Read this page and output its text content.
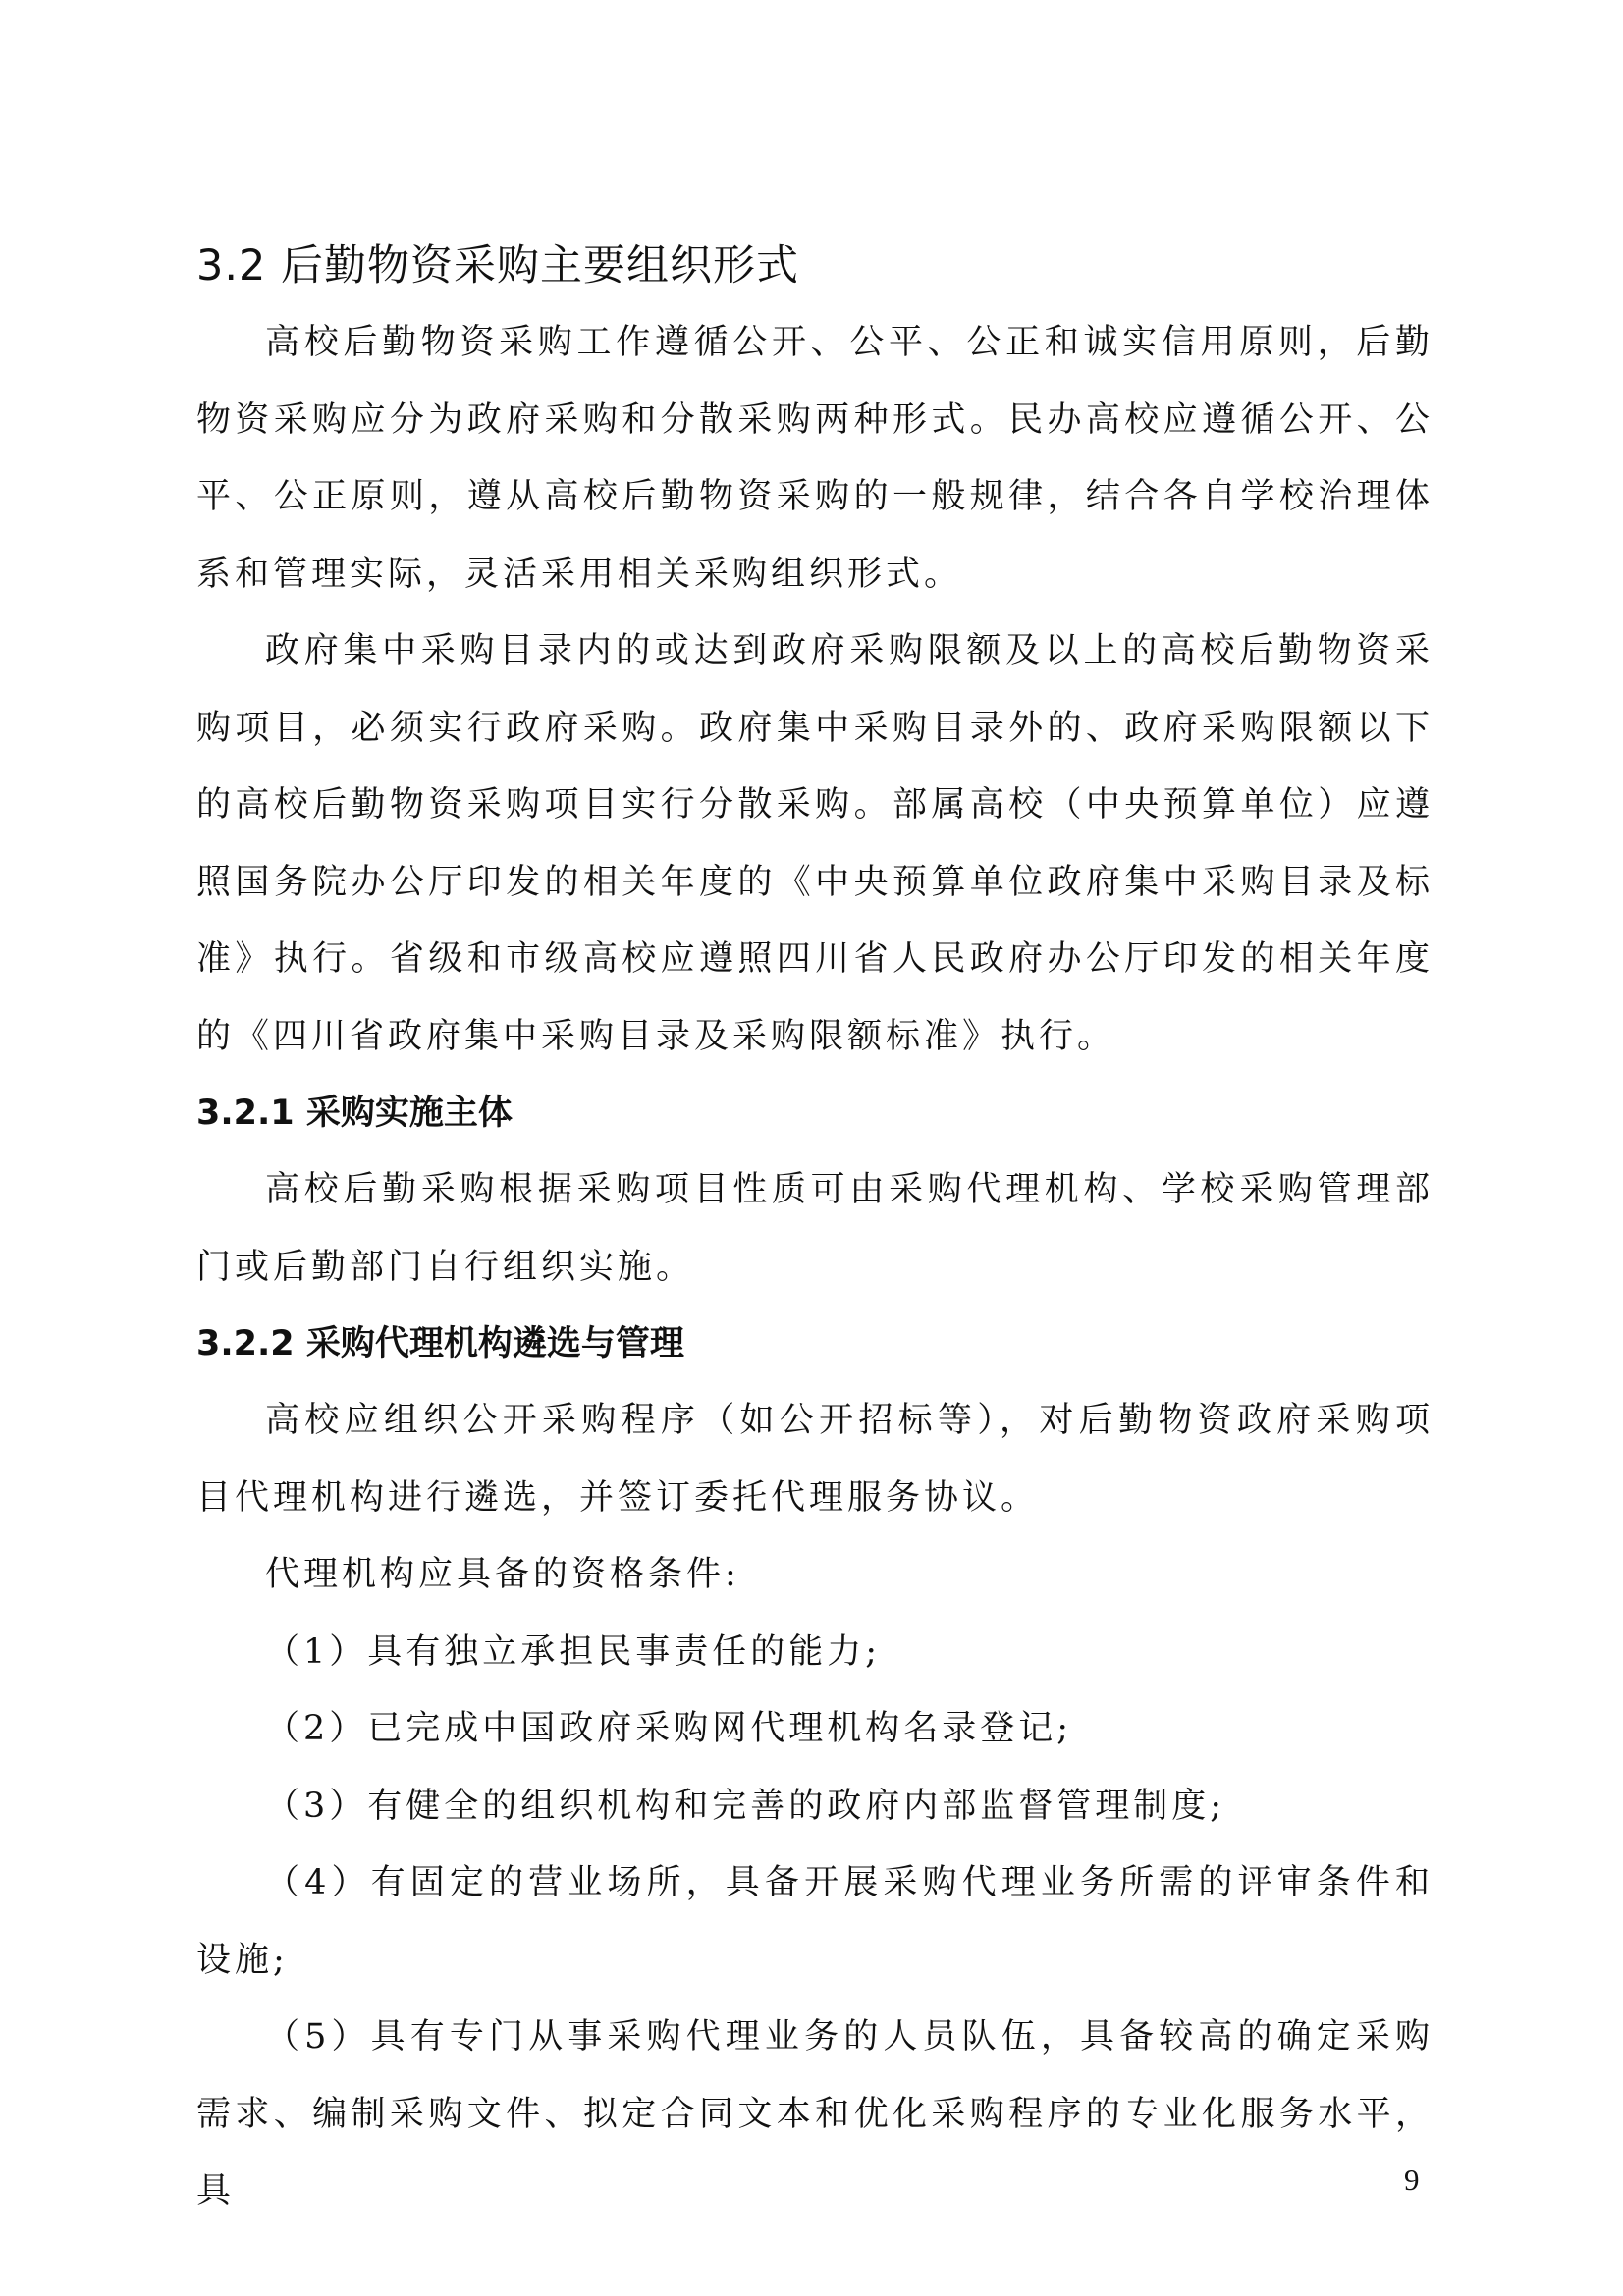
3.2 后勤物资采购主要组织形式

高校后勤物资采购工作遵循公开、公平、公正和诚实信用原则，后勤物资采购应分为政府采购和分散采购两种形式。民办高校应遵循公开、公平、公正原则，遵从高校后勤物资采购的一般规律，结合各自学校治理体系和管理实际，灵活采用相关采购组织形式。

政府集中采购目录内的或达到政府采购限额及以上的高校后勤物资采购项目，必须实行政府采购。政府集中采购目录外的、政府采购限额以下的高校后勤物资采购项目实行分散采购。部属高校（中央预算单位）应遵照国务院办公厅印发的相关年度的《中央预算单位政府集中采购目录及标准》执行。省级和市级高校应遵照四川省人民政府办公厅印发的相关年度的《四川省政府集中采购目录及采购限额标准》执行。

3.2.1 采购实施主体

高校后勤采购根据采购项目性质可由采购代理机构、学校采购管理部门或后勤部门自行组织实施。

3.2.2 采购代理机构遴选与管理

高校应组织公开采购程序（如公开招标等），对后勤物资政府采购项目代理机构进行遴选，并签订委托代理服务协议。

代理机构应具备的资格条件:

（1）具有独立承担民事责任的能力;

（2）已完成中国政府采购网代理机构名录登记;

（3）有健全的组织机构和完善的政府内部监督管理制度;

（4）有固定的营业场所，具备开展采购代理业务所需的评审条件和设施;

（5）具有专门从事采购代理业务的人员队伍，具备较高的确定采购需求、编制采购文件、拟定合同文本和优化采购程序的专业化服务水平，具	9
